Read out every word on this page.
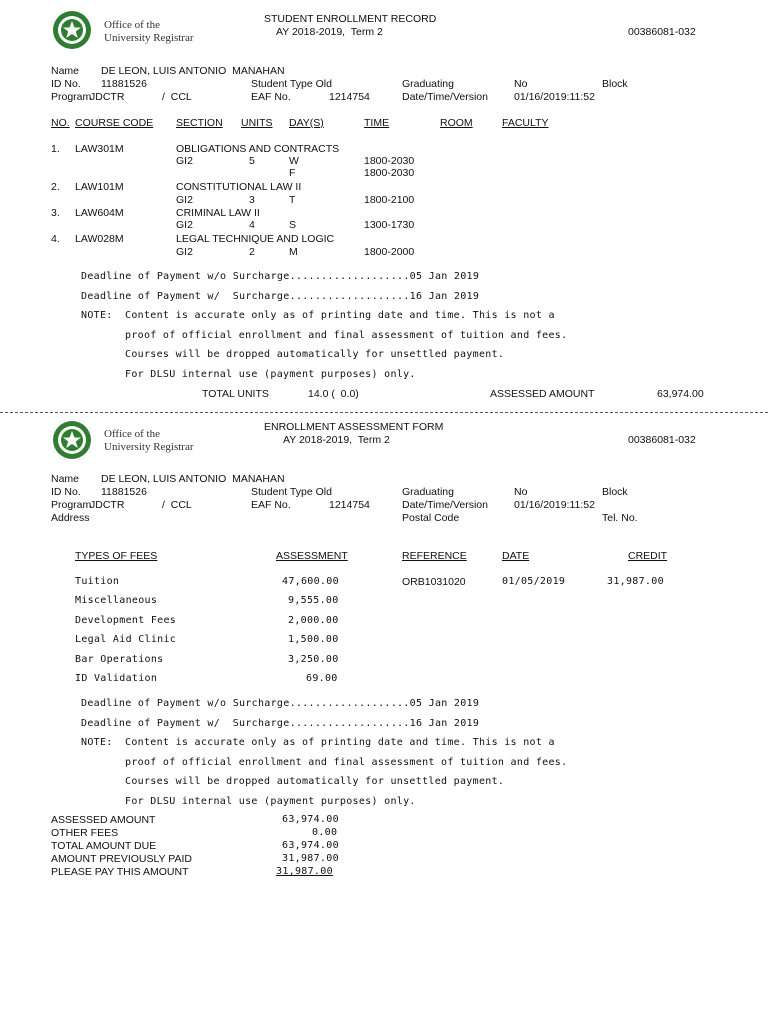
Office of the
University Registrar
STUDENT ENROLLMENT RECORD
AY 2018-2019,  Term 2	00386081-032
Name DE LEON, LUIS ANTONIO  MANAHAN
ID No. 11881526
Program
JDCTR	/  CCL
Student Type Old
EAF No.	1214754
Graduating	No
Date/Time/Version 01/16/2019:11:52
Block
NO. COURSE CODE SECTION UNITS DAY(S)	TIME	ROOM	FACULTY
1. LAW301M	OBLIGATIONS AND CONTRACTS
GI2	5	W	1800-2030
F	1800-2030
2. LAW101M	CONSTITUTIONAL LAW II
GI2	3	T	1800-2100
3. LAW604M	CRIMINAL LAW II
GI2	4	S	1300-1730
4. LAW028M	LEGAL TECHNIQUE AND LOGIC
GI2	2	M	1800-2000
Deadline of Payment w/o Surcharge...................05 Jan 2019
Deadline of Payment w/  Surcharge...................16 Jan 2019
NOTE: Content is accurate only as of printing date and time. This is not a
proof of official enrollment and final assessment of tuition and fees.
Courses will be dropped automatically for unsettled payment.
For DLSU internal use (payment purposes) only.
TOTAL UNITS	14.0 (  0.0)	ASSESSED AMOUNT	63,974.00
Office of the
University Registrar
ENROLLMENT ASSESSMENT FORM
AY 2018-2019,  Term 2	00386081-032
Name DE LEON, LUIS ANTONIO  MANAHAN
ID No. 11881526
Program
JDCTR	/  CCL
Address
Student Type Old
EAF No.	1214754
Graduating	No
Date/Time/Version 01/16/2019:11:52
Postal Code
Block
Tel. No.
TYPES OF FEES	ASSESSMENT	REFERENCE	DATE	CREDIT
Tuition	47,600.00	ORB1031020	01/05/2019	31,987.00
Miscellaneous	9,555.00
Development Fees	2,000.00
Legal Aid Clinic	1,500.00
Bar Operations	3,250.00
ID Validation	69.00
Deadline of Payment w/o Surcharge...................05 Jan 2019
Deadline of Payment w/  Surcharge...................16 Jan 2019
NOTE: Content is accurate only as of printing date and time. This is not a
proof of official enrollment and final assessment of tuition and fees.
Courses will be dropped automatically for unsettled payment.
For DLSU internal use (payment purposes) only.
ASSESSED AMOUNT	63,974.00
OTHER FEES	0.00
TOTAL AMOUNT DUE	63,974.00
AMOUNT PREVIOUSLY PAID	31,987.00
PLEASE PAY THIS AMOUNT	31,987.00
